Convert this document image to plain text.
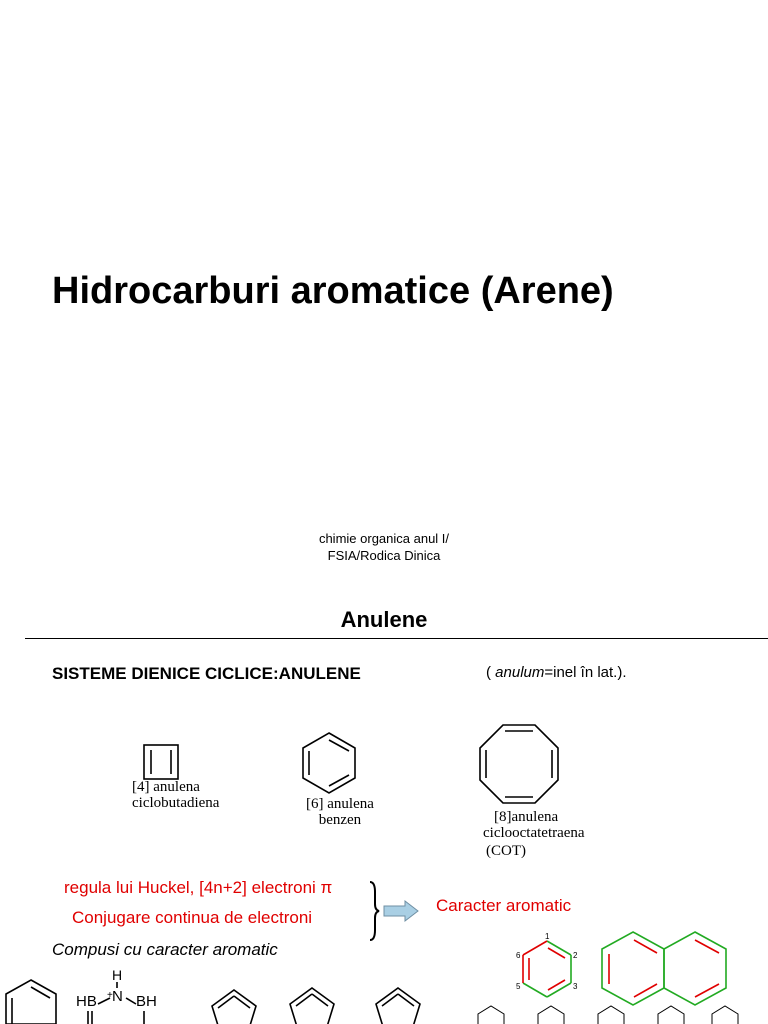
Hidrocarburi aromatice (Arene)
chimie organica anul I/
FSIA/Rodica Dinica
Anulene
SISTEME DIENICE CICLICE:ANULENE	( anulum=inel în lat.).
[4] anulena
ciclobutadiena	[6] anulena
benzen	[8]anulena
ciclooctatetraena
(COT)
regula lui Huckel, [4n+2] electroni π
Conjugare continua de electroni
Caracter aromatic
Compusi cu caracter aromatic
1
2
3
5
6
H
+ N
HB	BH
